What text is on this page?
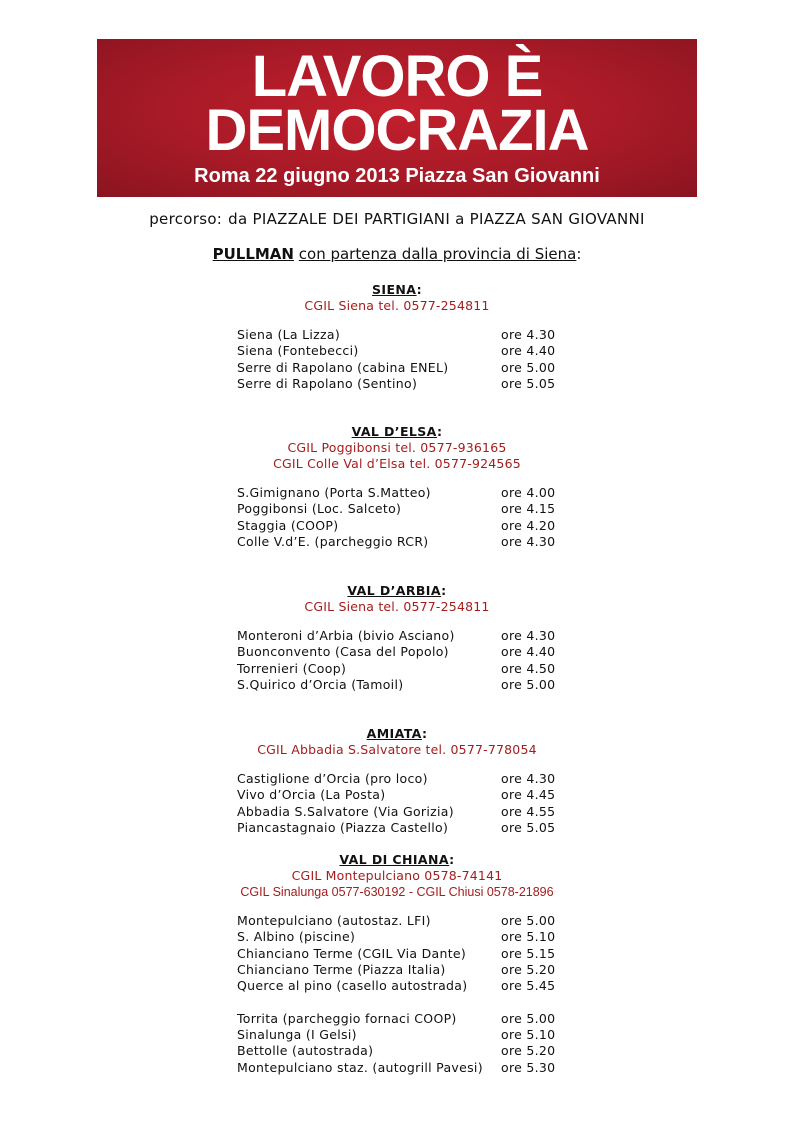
LAVORO È
DEMOCRAZIA
Roma 22 giugno 2013 Piazza San Giovanni
percorso: da PIAZZALE DEI PARTIGIANI a PIAZZA SAN GIOVANNI
PULLMAN con partenza dalla provincia di Siena:
SIENA:
CGIL Siena tel. 0577-254811
Siena (La Lizza)	ore 4.30
Siena (Fontebecci)	ore 4.40
Serre di Rapolano (cabina ENEL)	ore 5.00
Serre di Rapolano (Sentino)	ore 5.05
VAL D’ELSA:
CGIL Poggibonsi tel. 0577-936165
CGIL Colle Val d’Elsa tel. 0577-924565
S.Gimignano (Porta S.Matteo)	ore 4.00
Poggibonsi (Loc. Salceto)	ore 4.15
Staggia (COOP)	ore 4.20
Colle V.d’E. (parcheggio RCR)	ore 4.30
VAL D’ARBIA:
CGIL Siena tel. 0577-254811
Monteroni d’Arbia (bivio Asciano)	ore 4.30
Buonconvento (Casa del Popolo)	ore 4.40
Torrenieri (Coop)	ore 4.50
S.Quirico d’Orcia (Tamoil)	ore 5.00
AMIATA:
CGIL Abbadia S.Salvatore tel. 0577-778054
Castiglione d’Orcia (pro loco)	ore 4.30
Vivo d’Orcia (La Posta)	ore 4.45
Abbadia S.Salvatore (Via Gorizia)	ore 4.55
Piancastagnaio (Piazza Castello)	ore 5.05
VAL DI CHIANA:
CGIL Montepulciano 0578-74141
CGIL Sinalunga 0577-630192 - CGIL Chiusi 0578-21896
Montepulciano (autostaz. LFI)	ore 5.00
S. Albino (piscine)	ore 5.10
Chianciano Terme (CGIL Via Dante)	ore 5.15
Chianciano Terme (Piazza Italia)	ore 5.20
Querce al pino (casello autostrada)	ore 5.45
Torrita (parcheggio fornaci COOP)	ore 5.00
Sinalunga (I Gelsi)	ore 5.10
Bettolle (autostrada)	ore 5.20
Montepulciano staz. (autogrill Pavesi) ore 5.30
